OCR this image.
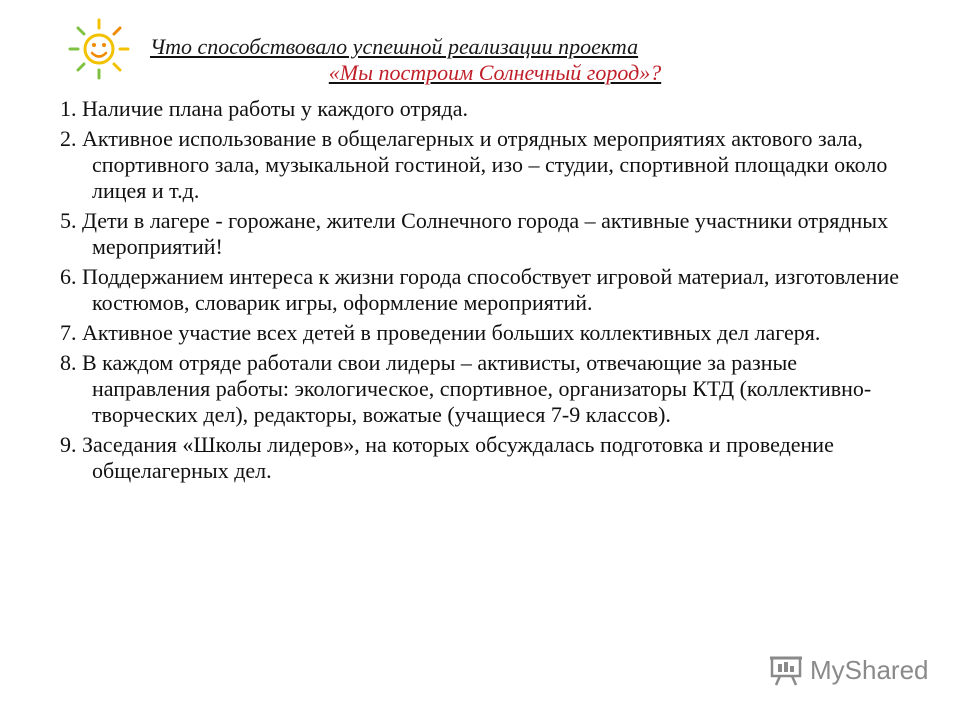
Что способствовало успешной реализации проекта
«Мы построим Солнечный город»?

1. Наличие плана работы у каждого отряда.

2. Активное использование в общелагерных и отрядных мероприятиях актового зала, спортивного зала, музыкальной гостиной, изо – студии, спортивной площадки около лицея и т.д.

5. Дети в лагере - горожане, жители Солнечного города – активные участники отрядных мероприятий!

6. Поддержанием интереса к жизни города способствует игровой материал, изготовление костюмов, словарик игры, оформление мероприятий.

7. Активное участие всех детей в проведении больших коллективных дел лагеря.

8. В каждом отряде работали свои лидеры – активисты, отвечающие за разные направления работы: экологическое, спортивное, организаторы КТД (коллективно-творческих дел), редакторы, вожатые (учащиеся 7-9 классов).

9. Заседания «Школы лидеров», на которых обсуждалась подготовка и проведение общелагерных дел.

MyShared
